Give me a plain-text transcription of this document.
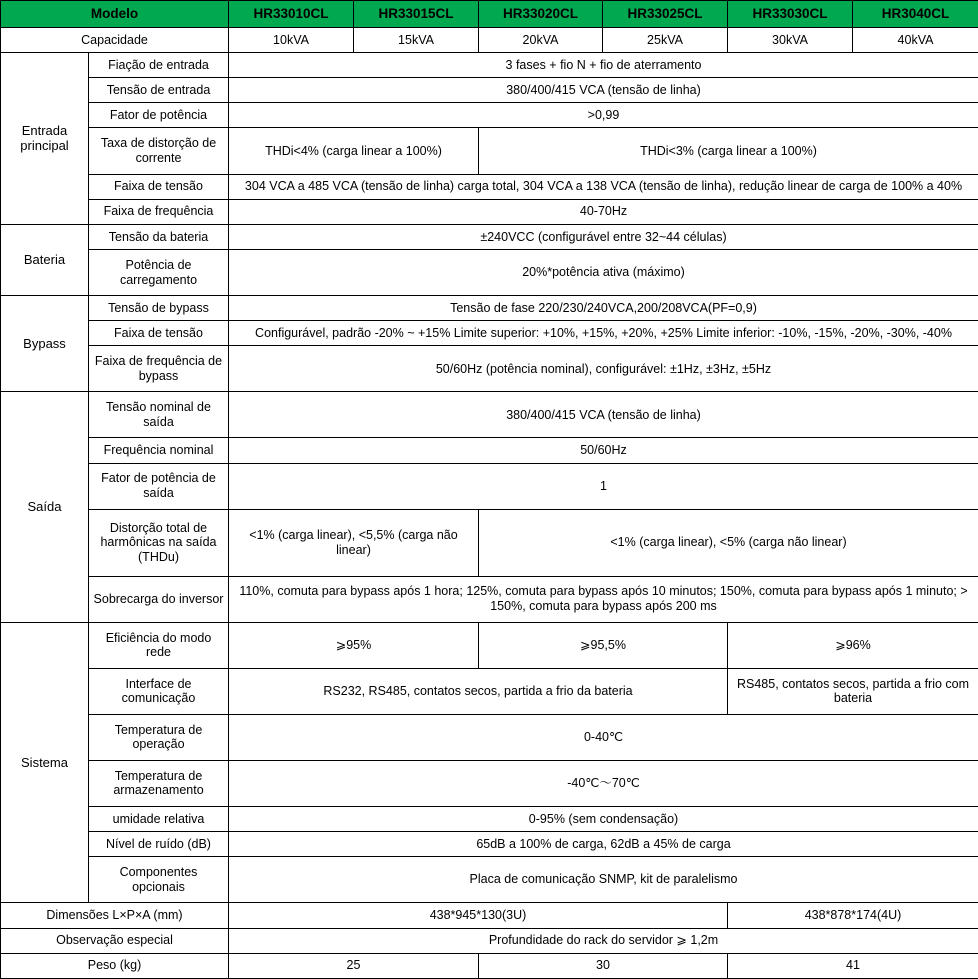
Modelo		HR33010CL	HR33015CL	HR33020CL	HR33025CL	HR33030CL	HR3040CL
Capacidade		10kVA	15kVA	20kVA	25kVA	30kVA	40kVA
Entrada principal	Fiação de entrada	3 fases + fio N + fio de aterramento					
	Tensão de entrada	380/400/415 VCA (tensão de linha)					
	Fator de potência	>0,99					
	Taxa de distorção de corrente	THDi<4% (carga linear a 100%)		THDi<3% (carga linear a 100%)			
	Faixa de tensão	304 VCA a 485 VCA (tensão de linha) carga total, 304 VCA a 138 VCA (tensão de linha), redução linear de carga de 100% a 40%					
	Faixa de frequência	40-70Hz					
Bateria	Tensão da bateria	±240VCC (configurável entre 32~44 células)					
	Potência de carregamento	20%*potência ativa (máximo)					
Bypass	Tensão de bypass	Tensão de fase 220/230/240VCA,200/208VCA(PF=0,9)					
	Faixa de tensão	Configurável, padrão -20% ~ +15% Limite superior: +10%, +15%, +20%, +25% Limite inferior: -10%, -15%, -20%, -30%, -40%					
	Faixa de frequência de bypass	50/60Hz (potência nominal), configurável: ±1Hz, ±3Hz, ±5Hz					
Saída	Tensão nominal de saída	380/400/415 VCA (tensão de linha)					
	Frequência nominal	50/60Hz					
	Fator de potência de saída	1					
	Distorção total de harmônicas na saída (THDu)	<1% (carga linear), <5,5% (carga não linear)		<1% (carga linear), <5% (carga não linear)			
	Sobrecarga do inversor	110%, comuta para bypass após 1 hora; 125%, comuta para bypass após 10 minutos; 150%, comuta para bypass após 1 minuto; > 150%, comuta para bypass após 200 ms					
Sistema	Eficiência do modo rede	⩾95%		⩾95,5%		⩾96%	
	Interface de comunicação	RS232, RS485, contatos secos, partida a frio da bateria				RS485, contatos secos, partida a frio com bateria	
	Temperatura de operação	0-40℃					
	Temperatura de armazenamento	-40℃～70℃					
	umidade relativa	0-95% (sem condensação)					
	Nível de ruído (dB)	65dB a 100% de carga, 62dB a 45% de carga					
	Componentes opcionais	Placa de comunicação SNMP, kit de paralelismo					
Dimensões L×P×A (mm)		438*945*130(3U)				438*878*174(4U)	
Observação especial		Profundidade do rack do servidor ⩾ 1,2m					
Peso (kg)		25		30		41	
